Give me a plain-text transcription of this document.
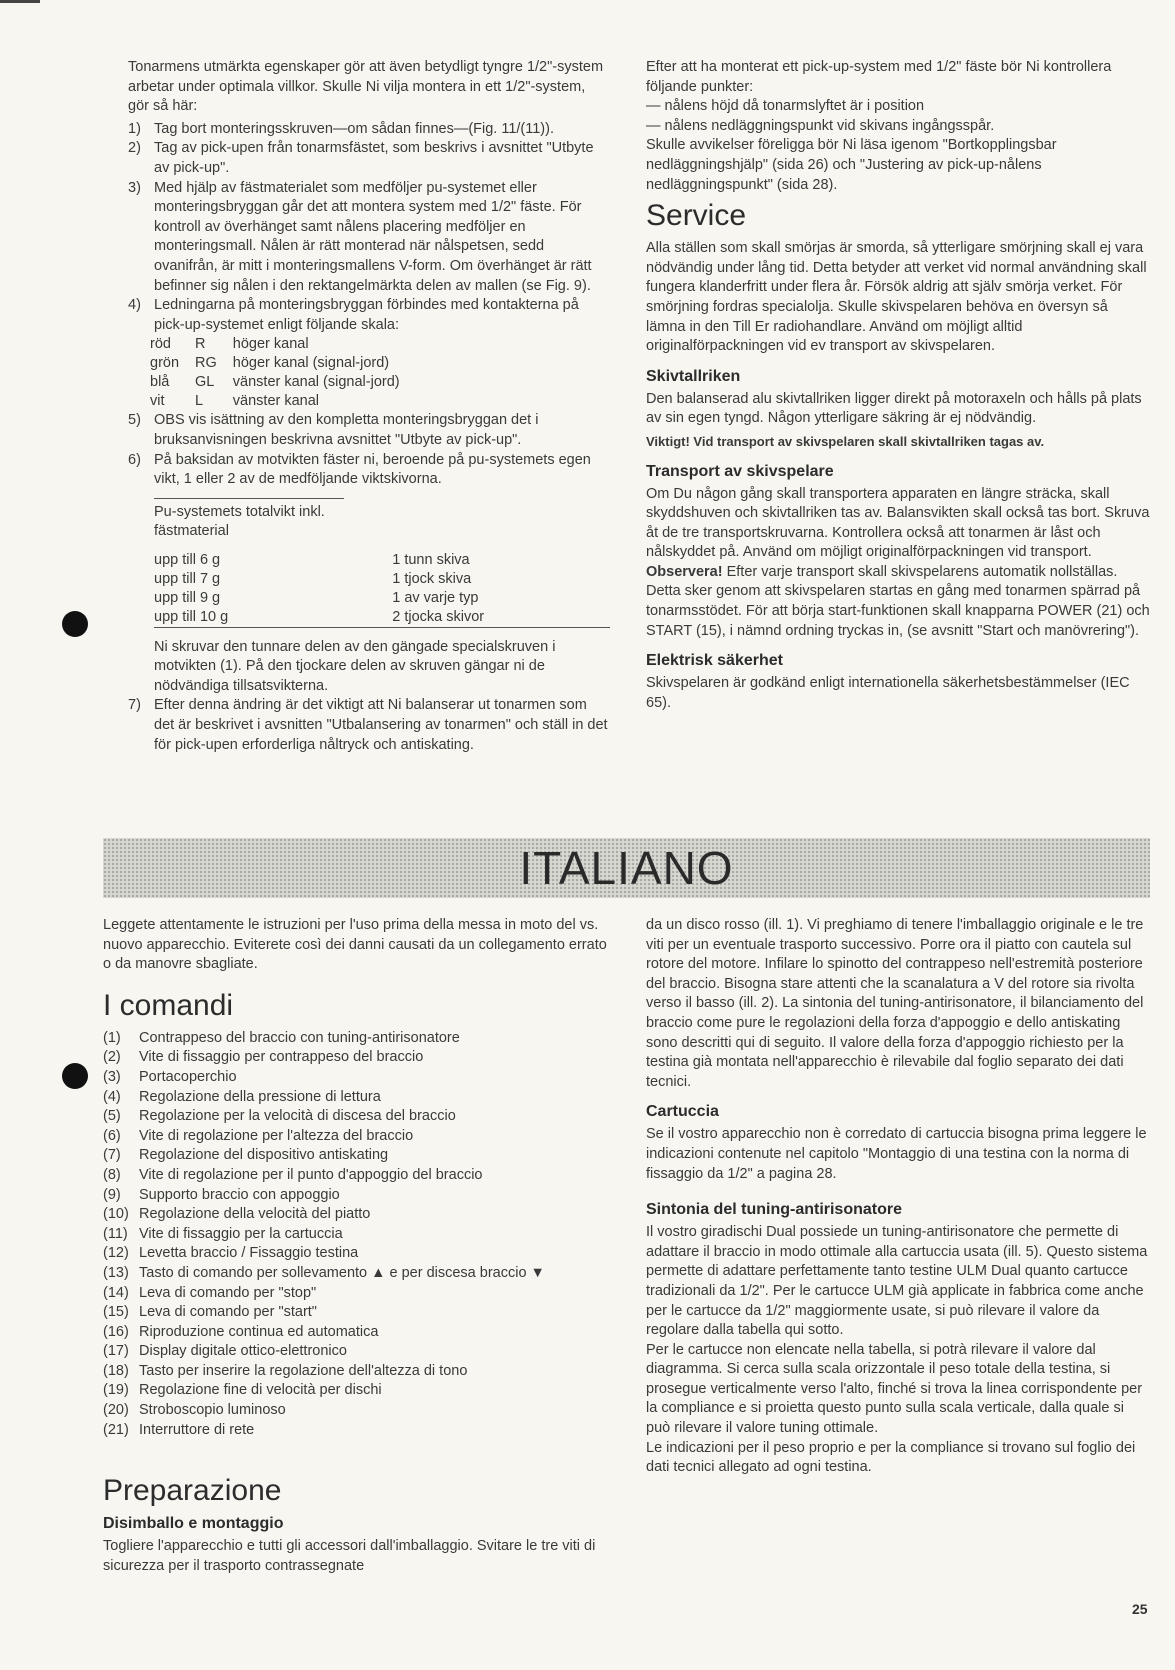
Tonarmens utmärkta egenskaper gör att även betydligt tyngre 1/2"-system arbetar under optimala villkor. Skulle Ni vilja montera in ett 1/2"-system, gör så här:

1) Tag bort monteringsskruven—om sådan finnes—(Fig. 11/(11)).
2) Tag av pick-upen från tonarmsfästet, som beskrivs i avsnittet "Utbyte av pick-up".
3) Med hjälp av fästmaterialet som medföljer pu-systemet eller monteringsbryggan går det att montera system med 1/2" fäste. För kontroll av överhänget samt nålens placering medföljer en monteringsmall. Nålen är rätt monterad när nålspetsen, sedd ovanifrån, är mitt i monteringsmallens V-form. Om överhänget är rätt befinner sig nålen i den rektangelmärkta delen av mallen (se Fig. 9).
4) Ledningarna på monteringsbryggan förbindes med kontakterna på pick-up-systemet enligt följande skala:
röd	R	höger kanal
grön	RG	höger kanal (signal-jord)
blå	GL	vänster kanal (signal-jord)
vit	L	vänster kanal
5) OBS vis isättning av den kompletta monteringsbryggan det i bruksanvisningen beskrivna avsnittet "Utbyte av pick-up".
6) På baksidan av motvikten fäster ni, beroende på pu-systemets egen vikt, 1 eller 2 av de medföljande viktskivorna.
Pu-systemets totalvikt inkl. fästmaterial
upp till 6 g	1 tunn skiva
upp till 7 g	1 tjock skiva
upp till 9 g	1 av varje typ
upp till 10 g	2 tjocka skivor

Ni skruvar den tunnare delen av den gängade specialskruven i motvikten (1). På den tjockare delen av skruven gängar ni de nödvändiga tillsatsvikterna.

7) Efter denna ändring är det viktigt att Ni balanserar ut tonarmen som det är beskrivet i avsnitten "Utbalansering av tonarmen" och ställ in det för pick-upen erforderliga nåltryck och antiskating.

Efter att ha monterat ett pick-up-system med 1/2" fäste bör Ni kontrollera följande punkter:

— nålens höjd då tonarmslyftet är i position

— nålens nedläggningspunkt vid skivans ingångsspår.

Skulle avvikelser föreligga bör Ni läsa igenom "Bortkopplingsbar nedläggningshjälp" (sida 26) och "Justering av pick-up-nålens nedläggningspunkt" (sida 28).

Service

Alla ställen som skall smörjas är smorda, så ytterligare smörjning skall ej vara nödvändig under lång tid. Detta betyder att verket vid normal användning skall fungera klanderfritt under flera år. Försök aldrig att själv smörja verket. För smörjning fordras specialolja. Skulle skivspelaren behöva en översyn så lämna in den Till Er radiohandlare. Använd om möjligt alltid originalförpackningen vid ev transport av skivspelaren.

Skivtallriken

Den balanserad alu skivtallriken ligger direkt på motoraxeln och hålls på plats av sin egen tyngd. Någon ytterligare säkring är ej nödvändig.

Viktigt! Vid transport av skivspelaren skall skivtallriken tagas av.

Transport av skivspelare

Om Du någon gång skall transportera apparaten en längre sträcka, skall skyddshuven och skivtallriken tas av. Balansvikten skall också tas bort. Skruva åt de tre transportskruvarna. Kontrollera också att tonarmen är låst och nålskyddet på. Använd om möjligt originalförpackningen vid transport.

Observera! Efter varje transport skall skivspelarens automatik nollställas. Detta sker genom att skivspelaren startas en gång med tonarmen spärrad på tonarmsstödet. För att börja start-funktionen skall knapparna POWER (21) och START (15), i nämnd ordning tryckas in, (se avsnitt "Start och manövrering").

Elektrisk säkerhet

Skivspelaren är godkänd enligt internationella säkerhetsbestämmelser (IEC 65).

ITALIANO

Leggete attentamente le istruzioni per l'uso prima della messa in moto del vs. nuovo apparecchio. Eviterete così dei danni causati da un collegamento errato o da manovre sbagliate.

I comandi
(1)	Contrappeso del braccio con tuning-antirisonatore
(2)	Vite di fissaggio per contrappeso del braccio
(3)	Portacoperchio
(4)	Regolazione della pressione di lettura
(5)	Regolazione per la velocità di discesa del braccio
(6)	Vite di regolazione per l'altezza del braccio
(7)	Regolazione del dispositivo antiskating
(8)	Vite di regolazione per il punto d'appoggio del braccio
(9)	Supporto braccio con appoggio
(10) Regolazione della velocità del piatto
(11) Vite di fissaggio per la cartuccia
(12) Levetta braccio / Fissaggio testina
(13) Tasto di comando per sollevamento ▲ e per discesa braccio ▼
(14) Leva di comando per "stop"
(15) Leva di comando per "start"
(16) Riproduzione continua ed automatica
(17) Display digitale ottico-elettronico
(18) Tasto per inserire la regolazione dell'altezza di tono
(19) Regolazione fine di velocità per dischi
(20) Stroboscopio luminoso
(21) Interruttore di rete
Preparazione
Disimballo e montaggio

Togliere l'apparecchio e tutti gli accessori dall'imballaggio. Svitare le tre viti di sicurezza per il trasporto contrassegnate

da un disco rosso (ill. 1). Vi preghiamo di tenere l'imballaggio originale e le tre viti per un eventuale trasporto successivo. Porre ora il piatto con cautela sul rotore del motore. Infilare lo spinotto del contrappeso nell'estremità posteriore del braccio. Bisogna stare attenti che la scanalatura a V del rotore sia rivolta verso il basso (ill. 2). La sintonia del tuning-antirisonatore, il bilanciamento del braccio come pure le regolazioni della forza d'appoggio e dello antiskating sono descritti qui di seguito. Il valore della forza d'appoggio richiesto per la testina già montata nell'apparecchio è rilevabile dal foglio separato dei dati tecnici.

Cartuccia

Se il vostro apparecchio non è corredato di cartuccia bisogna prima leggere le indicazioni contenute nel capitolo "Montaggio di una testina con la norma di fissaggio da 1/2" a pagina 28.

Sintonia del tuning-antirisonatore

Il vostro giradischi Dual possiede un tuning-antirisonatore che permette di adattare il braccio in modo ottimale alla cartuccia usata (ill. 5). Questo sistema permette di adattare perfettamente tanto testine ULM Dual quanto cartucce tradizionali da 1/2". Per le cartucce ULM già applicate in fabbrica come anche per le cartucce da 1/2" maggiormente usate, si può rilevare il valore da regolare dalla tabella qui sotto.

Per le cartucce non elencate nella tabella, si potrà rilevare il valore dal diagramma. Si cerca sulla scala orizzontale il peso totale della testina, si prosegue verticalmente verso l'alto, finché si trova la linea corrispondente per la compliance e si proietta questo punto sulla scala verticale, dalla quale si può rilevare il valore tuning ottimale.

Le indicazioni per il peso proprio e per la compliance si trovano sul foglio dei dati tecnici allegato ad ogni testina.

25
